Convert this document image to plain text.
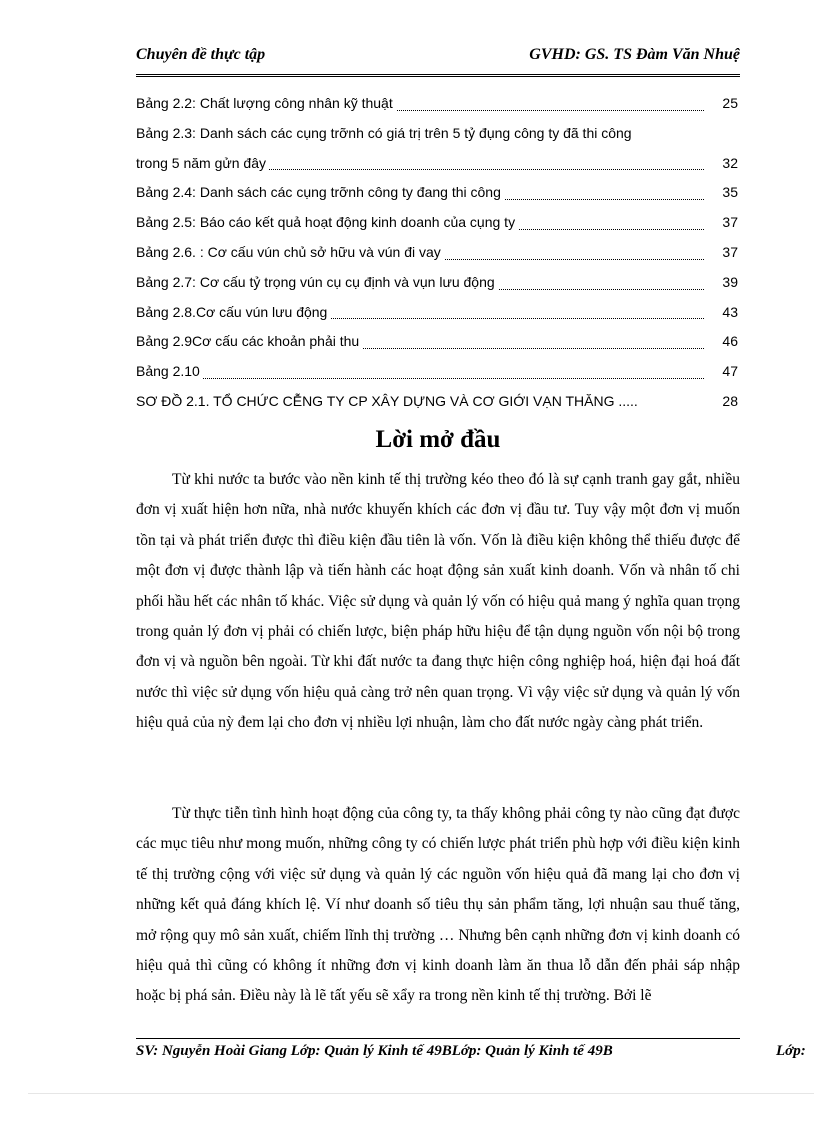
Chuyên đề thực tập	GVHD: GS. TS Đàm Văn Nhuệ
Bảng 2.2: Chất lượng công nhân kỹ thuật	25
Bảng 2.3: Danh sách các cụng trỡnh có giá trị trên 5 tỷ đụng công ty đã thi công
trong 5 năm gửn đây	32
Bảng 2.4: Danh sách các cụng trỡnh công ty đang thi công	35
Bảng 2.5: Báo cáo kết quả hoạt động kinh doanh của cụng ty	37
Bảng 2.6. : Cơ cấu vún chủ sở hữu và vún đi vay	37
Bảng 2.7: Cơ cấu tỷ trọng vún cụ cụ định và vụn lưu động	39
Bảng 2.8.Cơ cấu vún lưu động	43
Bảng 2.9Cơ cấu các khoản phải thu	46
Bảng 2.10	47
SƠ ĐỒ 2.1. TỔ CHỨC CỄNG TY CP XÂY DỰNG VÀ CƠ GIỚI VẠN THĂNG .....	28
Lời mở đầu

Từ khi nước ta bước vào nền kinh tế thị trường kéo theo đó là sự cạnh tranh gay gắt, nhiều đơn vị xuất hiện hơn nữa, nhà nước khuyến khích các đơn vị đầu tư. Tuy vậy một đơn vị muốn tồn tại và phát triển được thì điều kiện đầu tiên là vốn. Vốn là điều kiện không thể thiếu được để một đơn vị được thành lập và tiến hành các hoạt động sản xuất kinh doanh. Vốn và nhân tố chi phối hầu hết các nhân tố khác. Việc sử dụng và quản lý vốn có hiệu quả mang ý nghĩa quan trọng trong quản lý đơn vị phải có chiến lược, biện pháp hữu hiệu để tận dụng nguồn vốn nội bộ trong đơn vị và nguồn bên ngoài. Từ khi đất nước ta đang thực hiện công nghiệp hoá, hiện đại hoá đất nước thì việc sử dụng vốn hiệu quả càng trở nên quan trọng. Vì vậy việc sử dụng và quản lý vốn hiệu quả của nỳ đem lại cho đơn vị nhiều lợi nhuận, làm cho đất nước ngày càng phát triển.

Từ thực tiễn tình hình hoạt động của công ty, ta thấy không phải công ty nào cũng đạt được các mục tiêu như mong muốn, những công ty có chiến lược phát triển phù hợp với điều kiện kinh tế thị trường cộng với việc sử dụng và quản lý các nguồn vốn hiệu quả đã mang lại cho đơn vị những kết quả đáng khích lệ. Ví như doanh số tiêu thụ sản phẩm tăng, lợi nhuận sau thuế tăng, mở rộng quy mô sản xuất, chiếm lĩnh thị trường … Nhưng bên cạnh những đơn vị kinh doanh có hiệu quả thì cũng có không ít những đơn vị kinh doanh làm ăn thua lỗ dẫn đến phải sáp nhập hoặc bị phá sản. Điều này là lẽ tất yếu sẽ xẩy ra trong nền kinh tế thị trường. Bởi lẽ

SV: Nguyễn Hoài Giang Lớp: Quản lý Kinh tế 49BLớp: Quản lý Kinh tế 49B	Lớp:
